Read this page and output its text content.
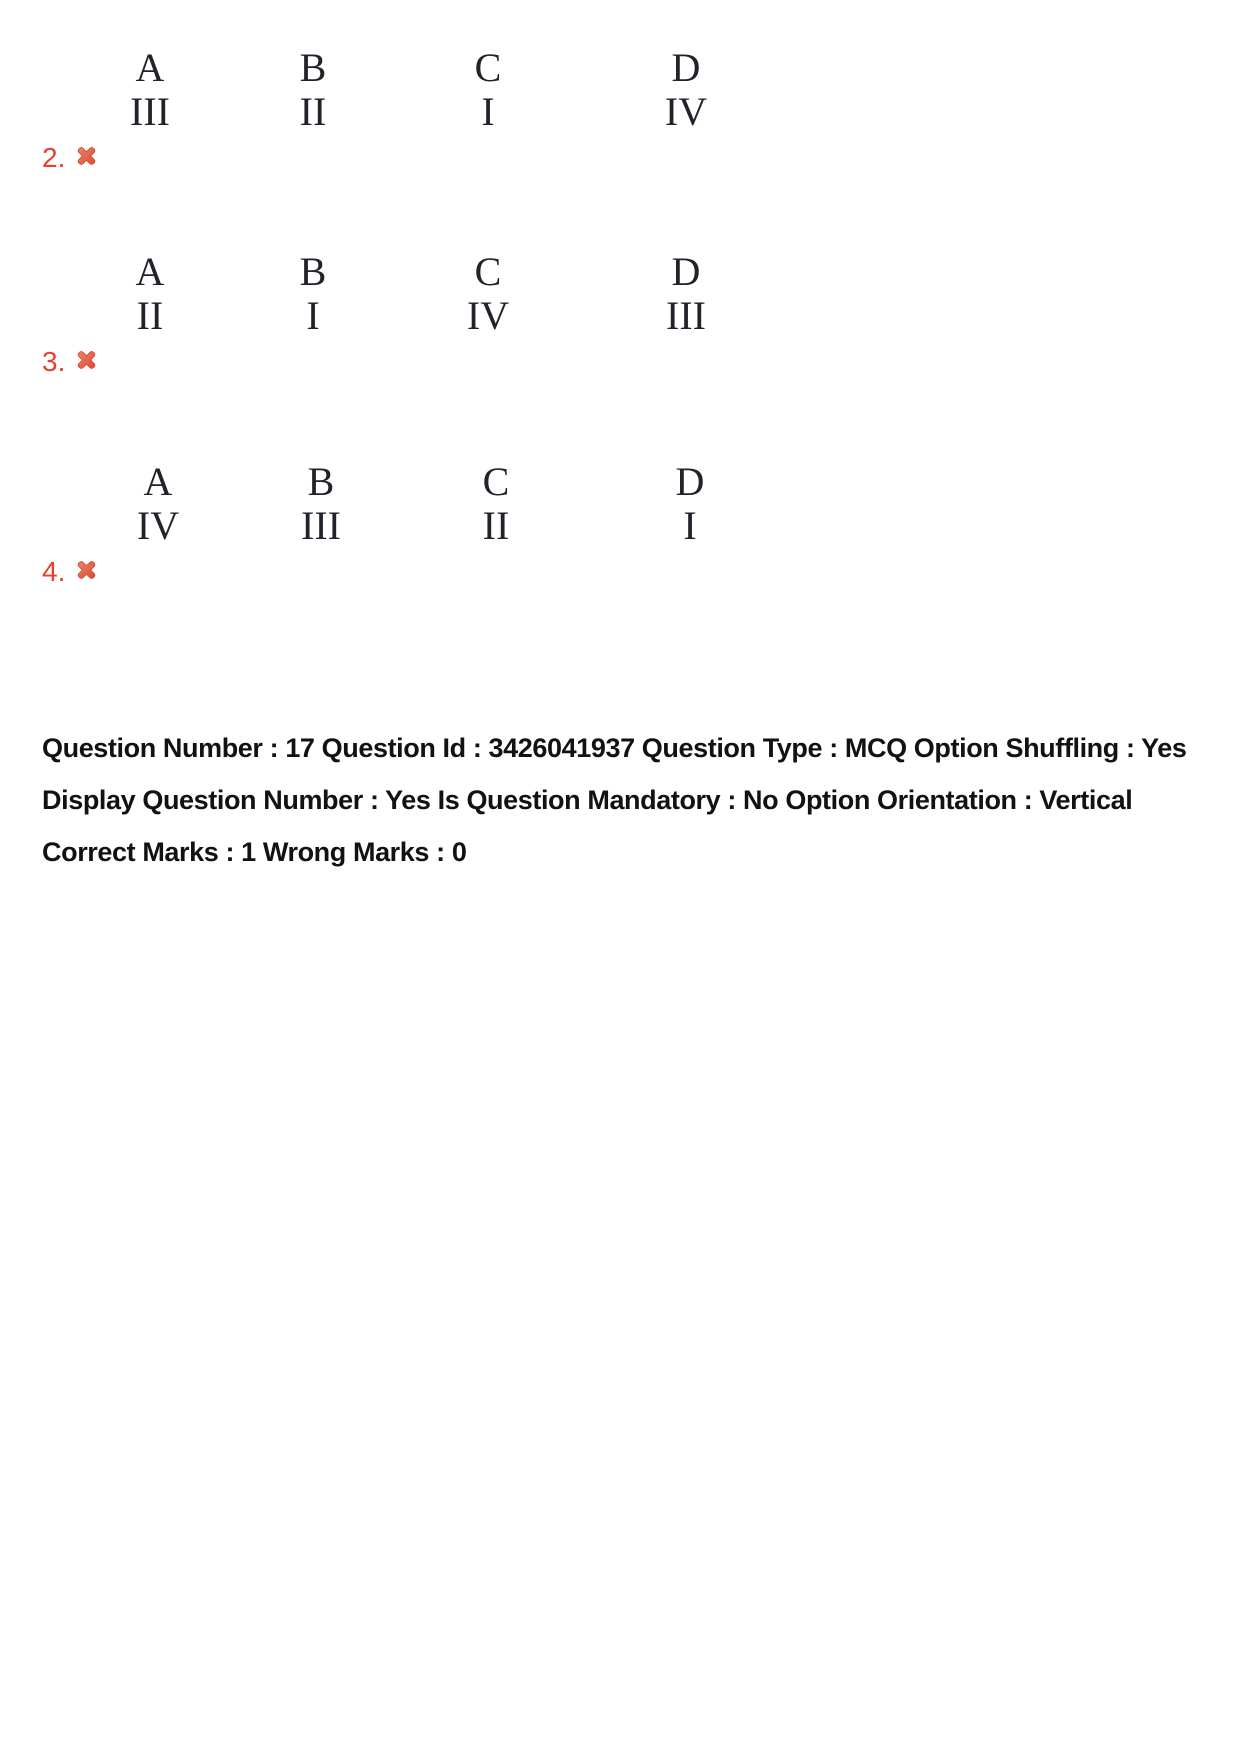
A	B	C	D
III	II	I	IV
2.
A	B	C	D
II	I	IV	III
3.
A	B	C	D
IV	III	II	I
4.
Question Number : 17 Question Id : 3426041937 Question Type : MCQ Option Shuffling : Yes
Display Question Number : Yes Is Question Mandatory : No Option Orientation : Vertical
Correct Marks : 1 Wrong Marks : 0
